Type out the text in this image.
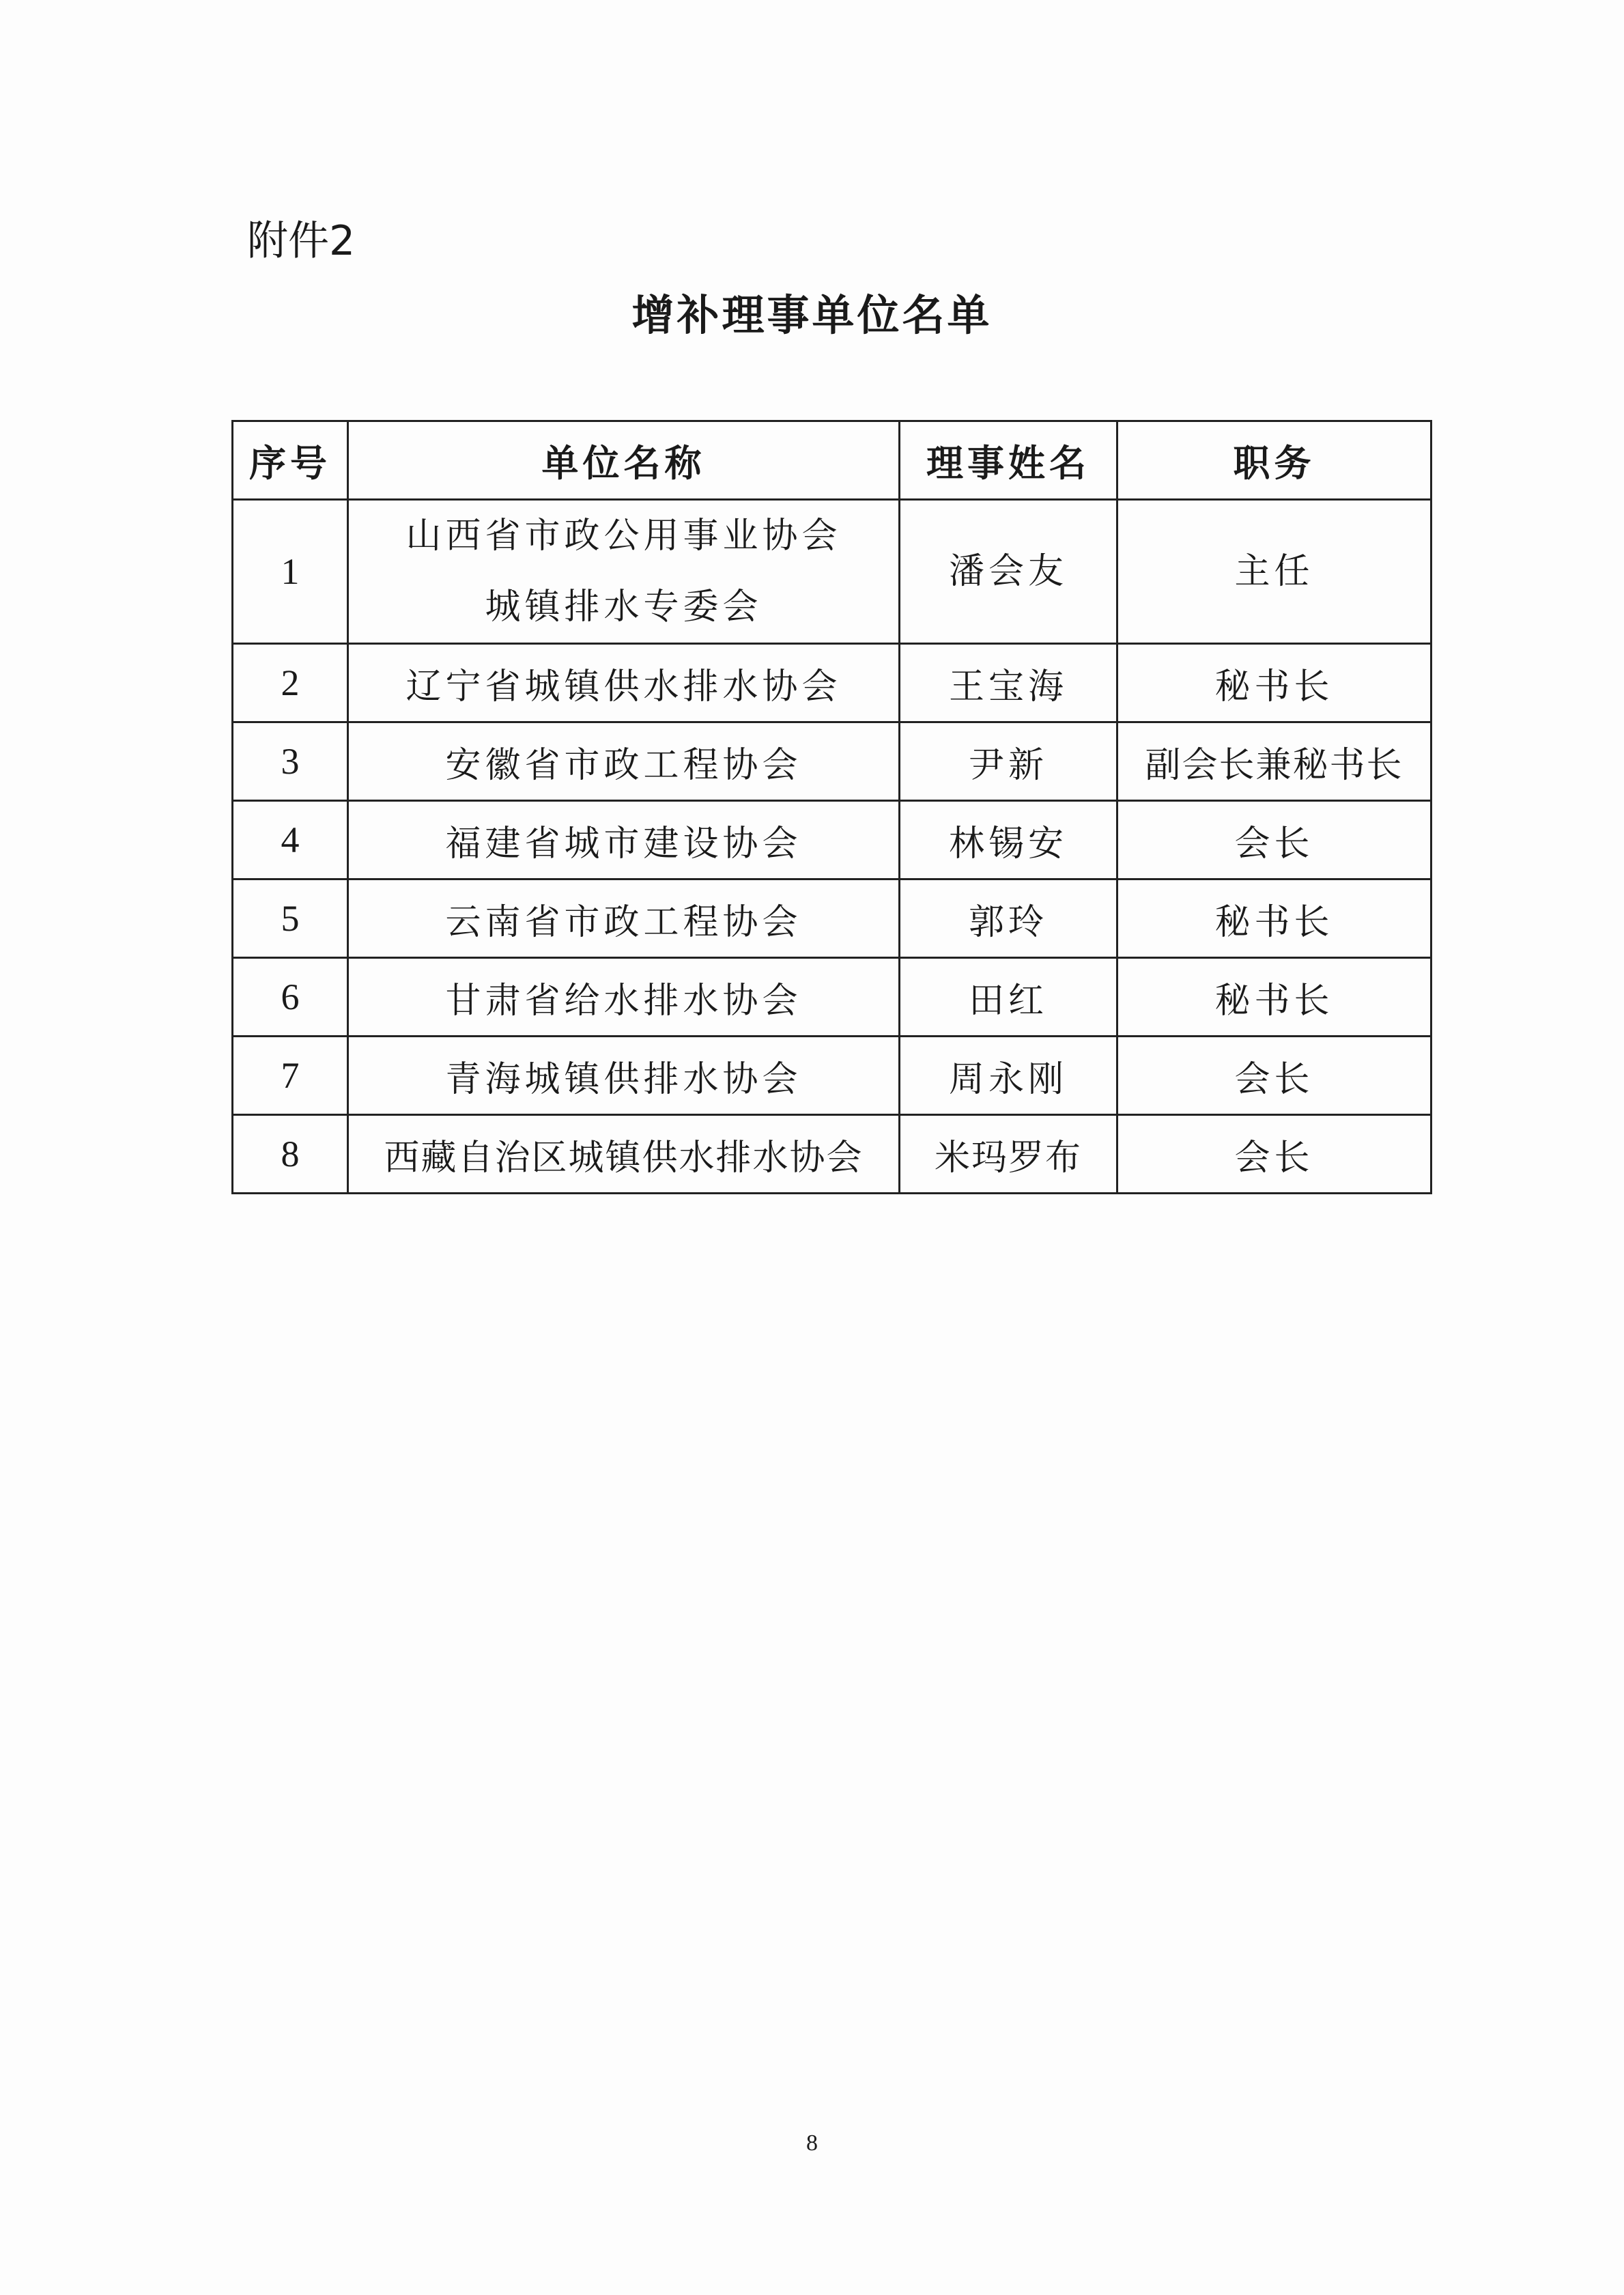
附件2
增补理事单位名单
序号	单位名称	理事姓名	职务
1	山西省市政公用事业协会
城镇排水专委会	潘会友	主任
2	辽宁省城镇供水排水协会	王宝海	秘书长
3	安徽省市政工程协会	尹新	副会长兼秘书长
4	福建省城市建设协会	林锡安	会长
5	云南省市政工程协会	郭玲	秘书长
6	甘肃省给水排水协会	田红	秘书长
7	青海城镇供排水协会	周永刚	会长
8	西藏自治区城镇供水排水协会	米玛罗布	会长
8
